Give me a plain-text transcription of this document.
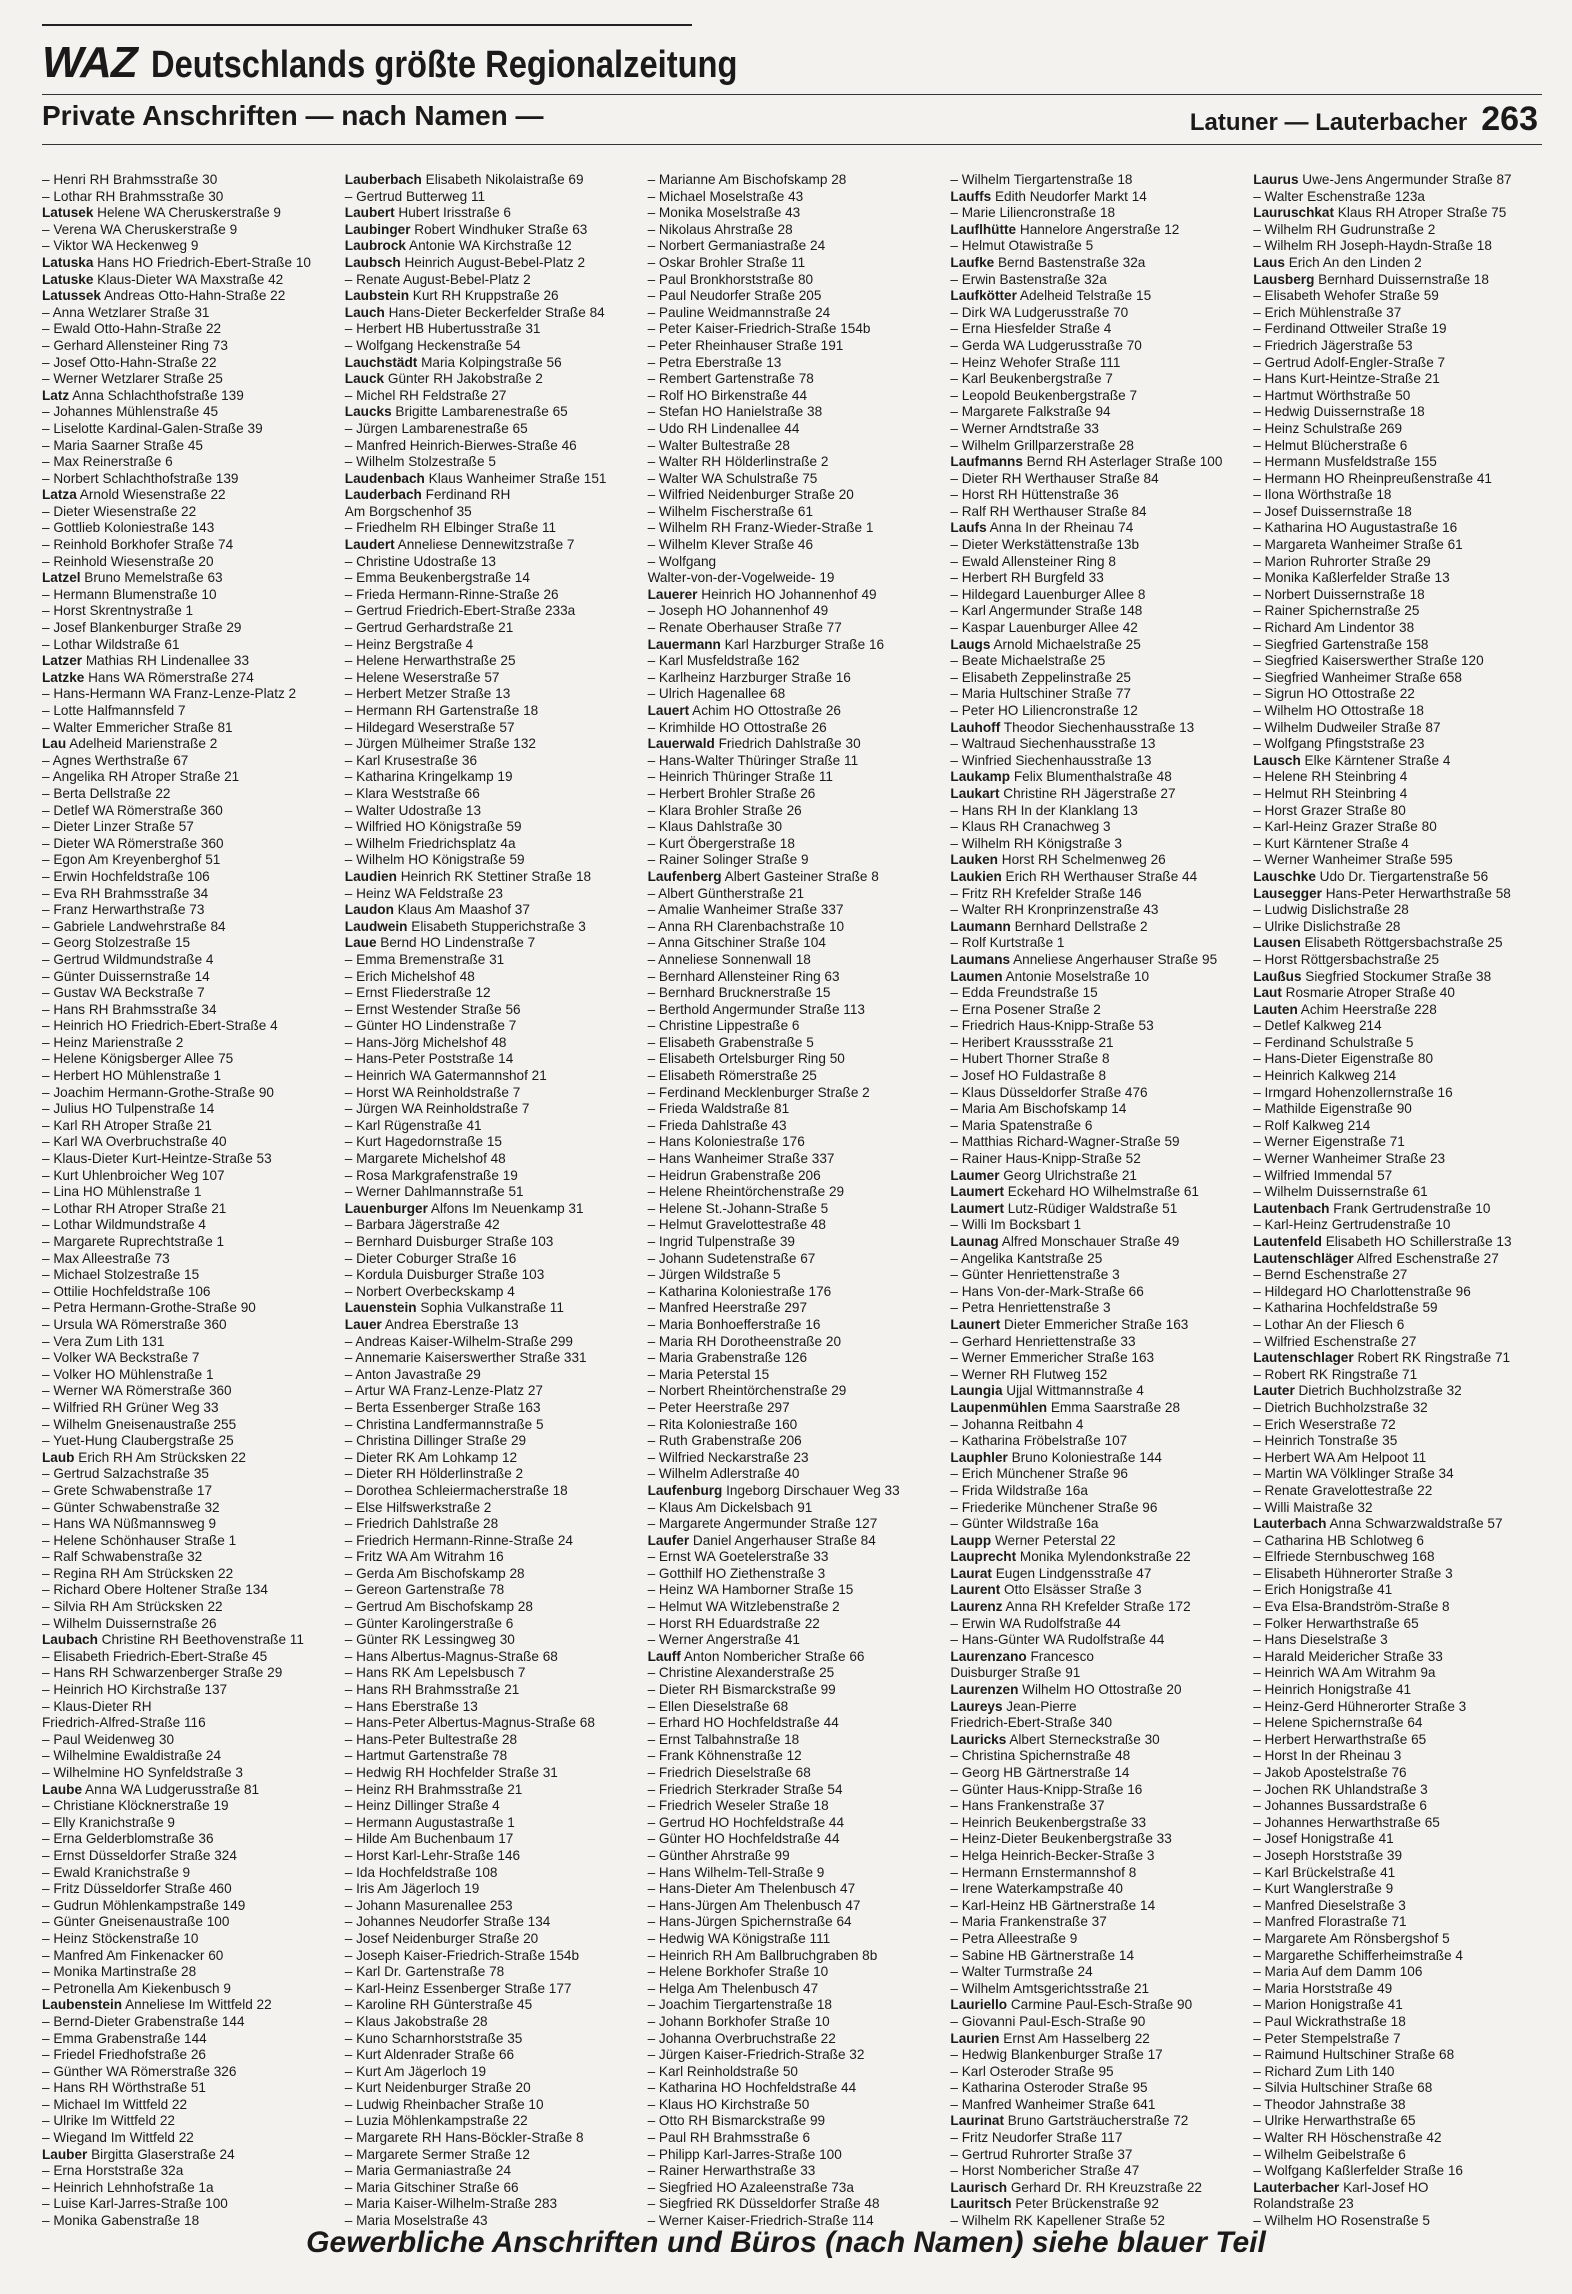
WAZ Deutschlands größte Regionalzeitung
Private Anschriften — nach Namen —	Latuner — Lauterbacher 263
– Henri RH Brahmsstraße 30
– Lothar RH Brahmsstraße 30
Latusek Helene WA Cheruskerstraße 9
– Verena WA Cheruskerstraße 9
– Viktor WA Heckenweg 9
Latuska Hans HO Friedrich-Ebert-Straße 10
Latuske Klaus-Dieter WA Maxstraße 42
Latussek Andreas Otto-Hahn-Straße 22
– Anna Wetzlarer Straße 31
– Ewald Otto-Hahn-Straße 22
– Gerhard Allensteiner Ring 73
– Josef Otto-Hahn-Straße 22
– Werner Wetzlarer Straße 25
Latz Anna Schlachthofstraße 139
– Johannes Mühlenstraße 45
– Liselotte Kardinal-Galen-Straße 39
– Maria Saarner Straße 45
– Max Reinerstraße 6
– Norbert Schlachthofstraße 139
Latza Arnold Wiesenstraße 22
– Dieter Wiesenstraße 22
– Gottlieb Koloniestraße 143
– Reinhold Borkhofer Straße 74
– Reinhold Wiesenstraße 20
Latzel Bruno Memelstraße 63
– Hermann Blumenstraße 10
– Horst Skrentnystraße 1
– Josef Blankenburger Straße 29
– Lothar Wildstraße 61
Latzer Mathias RH Lindenallee 33
Latzke Hans WA Römerstraße 274
– Hans-Hermann WA Franz-Lenze-Platz 2
– Lotte Halfmannsfeld 7
– Walter Emmericher Straße 81
Lau Adelheid Marienstraße 2
– Agnes Werthstraße 67
– Angelika RH Atroper Straße 21
– Berta Dellstraße 22
– Detlef WA Römerstraße 360
– Dieter Linzer Straße 57
– Dieter WA Römerstraße 360
– Egon Am Kreyenberghof 51
– Erwin Hochfeldstraße 106
– Eva RH Brahmsstraße 34
– Franz Herwarthstraße 73
– Gabriele Landwehrstraße 84
– Georg Stolzestraße 15
– Gertrud Wildmundstraße 4
– Günter Duissernstraße 14
– Gustav WA Beckstraße 7
– Hans RH Brahmsstraße 34
– Heinrich HO Friedrich-Ebert-Straße 4
– Heinz Marienstraße 2
– Helene Königsberger Allee 75
– Herbert HO Mühlenstraße 1
– Joachim Hermann-Grothe-Straße 90
– Julius HO Tulpenstraße 14
– Karl RH Atroper Straße 21
– Karl WA Overbruchstraße 40
– Klaus-Dieter Kurt-Heintze-Straße 53
– Kurt Uhlenbroicher Weg 107
– Lina HO Mühlenstraße 1
– Lothar RH Atroper Straße 21
– Lothar Wildmundstraße 4
– Margarete Ruprechtstraße 1
– Max Alleestraße 73
– Michael Stolzestraße 15
– Ottilie Hochfeldstraße 106
– Petra Hermann-Grothe-Straße 90
– Ursula WA Römerstraße 360
– Vera Zum Lith 131
– Volker WA Beckstraße 7
– Volker HO Mühlenstraße 1
– Werner WA Römerstraße 360
– Wilfried RH Grüner Weg 33
– Wilhelm Gneisenaustraße 255
– Yuet-Hung Claubergstraße 25
Laub Erich RH Am Strücksken 22
– Gertrud Salzachstraße 35
– Grete Schwabenstraße 17
– Günter Schwabenstraße 32
– Hans WA Nüßmannsweg 9
– Helene Schönhauser Straße 1
– Ralf Schwabenstraße 32
– Regina RH Am Strücksken 22
– Richard Obere Holtener Straße 134
– Silvia RH Am Strücksken 22
– Wilhelm Duissernstraße 26
Laubach Christine RH Beethovenstraße 11
– Elisabeth Friedrich-Ebert-Straße 45
– Hans RH Schwarzenberger Straße 29
– Heinrich HO Kirchstraße 137
– Klaus-Dieter RH
Friedrich-Alfred-Straße 116
– Paul Weidenweg 30
– Wilhelmine Ewaldistraße 24
– Wilhelmine HO Synfeldstraße 3
Laube Anna WA Ludgerusstraße 81
– Christiane Klöcknerstraße 19
– Elly Kranichstraße 9
– Erna Gelderblomstraße 36
– Ernst Düsseldorfer Straße 324
– Ewald Kranichstraße 9
– Fritz Düsseldorfer Straße 460
– Gudrun Möhlenkampstraße 149
– Günter Gneisenaustraße 100
– Heinz Stöckenstraße 10
– Manfred Am Finkenacker 60
– Monika Martinstraße 28
– Petronella Am Kiekenbusch 9
Laubenstein Anneliese Im Wittfeld 22
– Bernd-Dieter Grabenstraße 144
– Emma Grabenstraße 144
– Friedel Friedhofstraße 26
– Günther WA Römerstraße 326
– Hans RH Wörthstraße 51
– Michael Im Wittfeld 22
– Ulrike Im Wittfeld 22
– Wiegand Im Wittfeld 22
Lauber Birgitta Glaserstraße 24
– Erna Horststraße 32a
– Heinrich Lehnhofstraße 1a
– Luise Karl-Jarres-Straße 100
– Monika Gabenstraße 18
Lauberbach Elisabeth Nikolaistraße 69
– Gertrud Butterweg 11
Laubert Hubert Irisstraße 6
Laubinger Robert Windhuker Straße 63
Laubrock Antonie WA Kirchstraße 12
Laubsch Heinrich August-Bebel-Platz 2
– Renate August-Bebel-Platz 2
Laubstein Kurt RH Kruppstraße 26
Lauch Hans-Dieter Beckerfelder Straße 84
– Herbert HB Hubertusstraße 31
– Wolfgang Heckenstraße 54
Lauchstädt Maria Kolpingstraße 56
Lauck Günter RH Jakobstraße 2
– Michel RH Feldstraße 27
Laucks Brigitte Lambarenestraße 65
– Jürgen Lambarenestraße 65
– Manfred Heinrich-Bierwes-Straße 46
– Wilhelm Stolzestraße 5
Laudenbach Klaus Wanheimer Straße 151
Lauderbach Ferdinand RH
Am Borgschenhof 35
– Friedhelm RH Elbinger Straße 11
Laudert Anneliese Dennewitzstraße 7
– Christine Udostraße 13
– Emma Beukenbergstraße 14
– Frieda Hermann-Rinne-Straße 26
– Gertrud Friedrich-Ebert-Straße 233a
– Gertrud Gerhardstraße 21
– Heinz Bergstraße 4
– Helene Herwarthstraße 25
– Helene Weserstraße 57
– Herbert Metzer Straße 13
– Hermann RH Gartenstraße 18
– Hildegard Weserstraße 57
– Jürgen Mülheimer Straße 132
– Karl Krusestraße 36
– Katharina Kringelkamp 19
– Klara Weststraße 66
– Walter Udostraße 13
– Wilfried HO Königstraße 59
– Wilhelm Friedrichsplatz 4a
– Wilhelm HO Königstraße 59
Laudien Heinrich RK Stettiner Straße 18
– Heinz WA Feldstraße 23
Laudon Klaus Am Maashof 37
Laudwein Elisabeth Stupperichstraße 3
Laue Bernd HO Lindenstraße 7
– Emma Bremenstraße 31
– Erich Michelshof 48
– Ernst Fliederstraße 12
– Ernst Westender Straße 56
– Günter HO Lindenstraße 7
– Hans-Jörg Michelshof 48
– Hans-Peter Poststraße 14
– Heinrich WA Gatermannshof 21
– Horst WA Reinholdstraße 7
– Jürgen WA Reinholdstraße 7
– Karl Rügenstraße 41
– Kurt Hagedornstraße 15
– Margarete Michelshof 48
– Rosa Markgrafenstraße 19
– Werner Dahlmannstraße 51
Lauenburger Alfons Im Neuenkamp 31
– Barbara Jägerstraße 42
– Bernhard Duisburger Straße 103
– Dieter Coburger Straße 16
– Kordula Duisburger Straße 103
– Norbert Overbeckskamp 4
Lauenstein Sophia Vulkanstraße 11
Lauer Andrea Eberstraße 13
– Andreas Kaiser-Wilhelm-Straße 299
– Annemarie Kaiserswerther Straße 331
– Anton Javastraße 29
– Artur WA Franz-Lenze-Platz 27
– Berta Essenberger Straße 163
– Christina Landfermannstraße 5
– Christina Dillinger Straße 29
– Dieter RK Am Lohkamp 12
– Dieter RH Hölderlinstraße 2
– Dorothea Schleiermacherstraße 18
– Else Hilfswerkstraße 2
– Friedrich Dahlstraße 28
– Friedrich Hermann-Rinne-Straße 24
– Fritz WA Am Witrahm 16
– Gerda Am Bischofskamp 28
– Gereon Gartenstraße 78
– Gertrud Am Bischofskamp 28
– Günter Karolingerstraße 6
– Günter RK Lessingweg 30
– Hans Albertus-Magnus-Straße 68
– Hans RK Am Lepelsbusch 7
– Hans RH Brahmsstraße 21
– Hans Eberstraße 13
– Hans-Peter Albertus-Magnus-Straße 68
– Hans-Peter Bultestraße 28
– Hartmut Gartenstraße 78
– Hedwig RH Hochfelder Straße 31
– Heinz RH Brahmsstraße 21
– Heinz Dillinger Straße 4
– Hermann Augustastraße 1
– Hilde Am Buchenbaum 17
– Horst Karl-Lehr-Straße 146
– Ida Hochfeldstraße 108
– Iris Am Jägerloch 19
– Johann Masurenallee 253
– Johannes Neudorfer Straße 134
– Josef Neidenburger Straße 20
– Joseph Kaiser-Friedrich-Straße 154b
– Karl Dr. Gartenstraße 78
– Karl-Heinz Essenberger Straße 177
– Karoline RH Günterstraße 45
– Klaus Jakobstraße 28
– Kuno Scharnhorststraße 35
– Kurt Aldenrader Straße 66
– Kurt Am Jägerloch 19
– Kurt Neidenburger Straße 20
– Ludwig Rheinbacher Straße 10
– Luzia Möhlenkampstraße 22
– Margarete RH Hans-Böckler-Straße 8
– Margarete Sermer Straße 12
– Maria Germaniastraße 24
– Maria Gitschiner Straße 66
– Maria Kaiser-Wilhelm-Straße 283
– Maria Moselstraße 43
– Marianne Am Bischofskamp 28
– Michael Moselstraße 43
– Monika Moselstraße 43
– Nikolaus Ahrstraße 28
– Norbert Germaniastraße 24
– Oskar Brohler Straße 11
– Paul Bronkhorststraße 80
– Paul Neudorfer Straße 205
– Pauline Weidmannstraße 24
– Peter Kaiser-Friedrich-Straße 154b
– Peter Rheinhauser Straße 191
– Petra Eberstraße 13
– Rembert Gartenstraße 78
– Rolf HO Birkenstraße 44
– Stefan HO Hanielstraße 38
– Udo RH Lindenallee 44
– Walter Bultestraße 28
– Walter RH Hölderlinstraße 2
– Walter WA Schulstraße 75
– Wilfried Neidenburger Straße 20
– Wilhelm Fischerstraße 61
– Wilhelm RH Franz-Wieder-Straße 1
– Wilhelm Klever Straße 46
– Wolfgang
Walter-von-der-Vogelweide- 19
Lauerer Heinrich HO Johannenhof 49
– Joseph HO Johannenhof 49
– Renate Oberhauser Straße 77
Lauermann Karl Harzburger Straße 16
– Karl Musfeldstraße 162
– Karlheinz Harzburger Straße 16
– Ulrich Hagenallee 68
Lauert Achim HO Ottostraße 26
– Krimhilde HO Ottostraße 26
Lauerwald Friedrich Dahlstraße 30
– Hans-Walter Thüringer Straße 11
– Heinrich Thüringer Straße 11
– Herbert Brohler Straße 26
– Klara Brohler Straße 26
– Klaus Dahlstraße 30
– Kurt Öbergerstraße 18
– Rainer Solinger Straße 9
Laufenberg Albert Gasteiner Straße 8
– Albert Güntherstraße 21
– Amalie Wanheimer Straße 337
– Anna RH Clarenbachstraße 10
– Anna Gitschiner Straße 104
– Anneliese Sonnenwall 18
– Bernhard Allensteiner Ring 63
– Bernhard Brucknerstraße 15
– Berthold Angermunder Straße 113
– Christine Lippestraße 6
– Elisabeth Grabenstraße 5
– Elisabeth Ortelsburger Ring 50
– Elisabeth Römerstraße 25
– Ferdinand Mecklenburger Straße 2
– Frieda Waldstraße 81
– Frieda Dahlstraße 43
– Hans Koloniestraße 176
– Hans Wanheimer Straße 337
– Heidrun Grabenstraße 206
– Helene Rheintörchenstraße 29
– Helene St.-Johann-Straße 5
– Helmut Gravelottestraße 48
– Ingrid Tulpenstraße 39
– Johann Sudetenstraße 67
– Jürgen Wildstraße 5
– Katharina Koloniestraße 176
– Manfred Heerstraße 297
– Maria Bonhoefferstraße 16
– Maria RH Dorotheenstraße 20
– Maria Grabenstraße 126
– Maria Peterstal 15
– Norbert Rheintörchenstraße 29
– Peter Heerstraße 297
– Rita Koloniestraße 160
– Ruth Grabenstraße 206
– Wilfried Neckarstraße 23
– Wilhelm Adlerstraße 40
Laufenburg Ingeborg Dirschauer Weg 33
– Klaus Am Dickelsbach 91
– Margarete Angermunder Straße 127
Laufer Daniel Angerhauser Straße 84
– Ernst WA Goetelerstraße 33
– Gotthilf HO Ziethenstraße 3
– Heinz WA Hamborner Straße 15
– Helmut WA Witzlebenstraße 2
– Horst RH Eduardstraße 22
– Werner Angerstraße 41
Lauff Anton Nombericher Straße 66
– Christine Alexanderstraße 25
– Dieter RH Bismarckstraße 99
– Ellen Dieselstraße 68
– Erhard HO Hochfeldstraße 44
– Ernst Talbahnstraße 18
– Frank Köhnenstraße 12
– Friedrich Dieselstraße 68
– Friedrich Sterkrader Straße 54
– Friedrich Weseler Straße 18
– Gertrud HO Hochfeldstraße 44
– Günter HO Hochfeldstraße 44
– Günther Ahrstraße 99
– Hans Wilhelm-Tell-Straße 9
– Hans-Dieter Am Thelenbusch 47
– Hans-Jürgen Am Thelenbusch 47
– Hans-Jürgen Spichernstraße 64
– Hedwig WA Königstraße 111
– Heinrich RH Am Ballbruchgraben 8b
– Helene Borkhofer Straße 10
– Helga Am Thelenbusch 47
– Joachim Tiergartenstraße 18
– Johann Borkhofer Straße 10
– Johanna Overbruchstraße 22
– Jürgen Kaiser-Friedrich-Straße 32
– Karl Reinholdstraße 50
– Katharina HO Hochfeldstraße 44
– Klaus HO Kirchstraße 50
– Otto RH Bismarckstraße 99
– Paul RH Brahmsstraße 6
– Philipp Karl-Jarres-Straße 100
– Rainer Herwarthstraße 33
– Siegfried HO Azaleenstraße 73a
– Siegfried RK Düsseldorfer Straße 48
– Werner Kaiser-Friedrich-Straße 114
– Wilhelm Tiergartenstraße 18
Lauffs Edith Neudorfer Markt 14
– Marie Liliencronstraße 18
Lauflhütte Hannelore Angerstraße 12
– Helmut Otawistraße 5
Laufke Bernd Bastenstraße 32a
– Erwin Bastenstraße 32a
Laufkötter Adelheid Telstraße 15
– Dirk WA Ludgerusstraße 70
– Erna Hiesfelder Straße 4
– Gerda WA Ludgerusstraße 70
– Heinz Wehofer Straße 111
– Karl Beukenbergstraße 7
– Leopold Beukenbergstraße 7
– Margarete Falkstraße 94
– Werner Arndtstraße 33
– Wilhelm Grillparzerstraße 28
Laufmanns Bernd RH Asterlager Straße 100
– Dieter RH Werthauser Straße 84
– Horst RH Hüttenstraße 36
– Ralf RH Werthauser Straße 84
Laufs Anna In der Rheinau 74
– Dieter Werkstättenstraße 13b
– Ewald Allensteiner Ring 8
– Herbert RH Burgfeld 33
– Hildegard Lauenburger Allee 8
– Karl Angermunder Straße 148
– Kaspar Lauenburger Allee 42
Laugs Arnold Michaelstraße 25
– Beate Michaelstraße 25
– Elisabeth Zeppelinstraße 25
– Maria Hultschiner Straße 77
– Peter HO Liliencronstraße 12
Lauhoff Theodor Siechenhausstraße 13
– Waltraud Siechenhausstraße 13
– Winfried Siechenhausstraße 13
Laukamp Felix Blumenthalstraße 48
Laukart Christine RH Jägerstraße 27
– Hans RH In der Klanklang 13
– Klaus RH Cranachweg 3
– Wilhelm RH Königstraße 3
Lauken Horst RH Schelmenweg 26
Laukien Erich RH Werthauser Straße 44
– Fritz RH Krefelder Straße 146
– Walter RH Kronprinzenstraße 43
Laumann Bernhard Dellstraße 2
– Rolf Kurtstraße 1
Laumans Anneliese Angerhauser Straße 95
Laumen Antonie Moselstraße 10
– Edda Freundstraße 15
– Erna Posener Straße 2
– Friedrich Haus-Knipp-Straße 53
– Heribert Kraussstraße 21
– Hubert Thorner Straße 8
– Josef HO Fuldastraße 8
– Klaus Düsseldorfer Straße 476
– Maria Am Bischofskamp 14
– Maria Spatenstraße 6
– Matthias Richard-Wagner-Straße 59
– Rainer Haus-Knipp-Straße 52
Laumer Georg Ulrichstraße 21
Laumert Eckehard HO Wilhelmstraße 61
Laumert Lutz-Rüdiger Waldstraße 51
– Willi Im Bocksbart 1
Launag Alfred Monschauer Straße 49
– Angelika Kantstraße 25
– Günter Henriettenstraße 3
– Hans Von-der-Mark-Straße 66
– Petra Henriettenstraße 3
Launert Dieter Emmericher Straße 163
– Gerhard Henriettenstraße 33
– Werner Emmericher Straße 163
– Werner RH Flutweg 152
Laungia Ujjal Wittmannstraße 4
Laupenmühlen Emma Saarstraße 28
– Johanna Reitbahn 4
– Katharina Fröbelstraße 107
Lauphler Bruno Koloniestraße 144
– Erich Münchener Straße 96
– Frida Wildstraße 16a
– Friederike Münchener Straße 96
– Günter Wildstraße 16a
Laupp Werner Peterstal 22
Lauprecht Monika Mylendonkstraße 22
Laurat Eugen Lindgensstraße 47
Laurent Otto Elsässer Straße 3
Laurenz Anna RH Krefelder Straße 172
– Erwin WA Rudolfstraße 44
– Hans-Günter WA Rudolfstraße 44
Laurenzano Francesco
Duisburger Straße 91
Laurenzen Wilhelm HO Ottostraße 20
Laureys Jean-Pierre
Friedrich-Ebert-Straße 340
Lauricks Albert Sterneckstraße 30
– Christina Spichernstraße 48
– Georg HB Gärtnerstraße 14
– Günter Haus-Knipp-Straße 16
– Hans Frankenstraße 37
– Heinrich Beukenbergstraße 33
– Heinz-Dieter Beukenbergstraße 33
– Helga Heinrich-Becker-Straße 3
– Hermann Ernstermannshof 8
– Irene Waterkampstraße 40
– Karl-Heinz HB Gärtnerstraße 14
– Maria Frankenstraße 37
– Petra Alleestraße 9
– Sabine HB Gärtnerstraße 14
– Walter Turmstraße 24
– Wilhelm Amtsgerichtsstraße 21
Lauriello Carmine Paul-Esch-Straße 90
– Giovanni Paul-Esch-Straße 90
Laurien Ernst Am Hasselberg 22
– Hedwig Blankenburger Straße 17
– Karl Osteroder Straße 95
– Katharina Osteroder Straße 95
– Manfred Wanheimer Straße 641
Laurinat Bruno Gartsträucherstraße 72
– Fritz Neudorfer Straße 117
– Gertrud Ruhrorter Straße 37
– Horst Nombericher Straße 47
Laurisch Gerhard Dr. RH Kreuzstraße 22
Lauritsch Peter Brückenstraße 92
– Wilhelm RK Kapellener Straße 52
Laurus Uwe-Jens Angermunder Straße 87
– Walter Eschenstraße 123a
Lauruschkat Klaus RH Atroper Straße 75
– Wilhelm RH Gudrunstraße 2
– Wilhelm RH Joseph-Haydn-Straße 18
Laus Erich An den Linden 2
Lausberg Bernhard Duissernstraße 18
– Elisabeth Wehofer Straße 59
– Erich Mühlenstraße 37
– Ferdinand Ottweiler Straße 19
– Friedrich Jägerstraße 53
– Gertrud Adolf-Engler-Straße 7
– Hans Kurt-Heintze-Straße 21
– Hartmut Wörthstraße 50
– Hedwig Duissernstraße 18
– Heinz Schulstraße 269
– Helmut Blücherstraße 6
– Hermann Musfeldstraße 155
– Hermann HO Rheinpreußenstraße 41
– Ilona Wörthstraße 18
– Josef Duissernstraße 18
– Katharina HO Augustastraße 16
– Margareta Wanheimer Straße 61
– Marion Ruhrorter Straße 29
– Monika Kaßlerfelder Straße 13
– Norbert Duissernstraße 18
– Rainer Spichernstraße 25
– Richard Am Lindentor 38
– Siegfried Gartenstraße 158
– Siegfried Kaiserswerther Straße 120
– Siegfried Wanheimer Straße 658
– Sigrun HO Ottostraße 22
– Wilhelm HO Ottostraße 18
– Wilhelm Dudweiler Straße 87
– Wolfgang Pfingststraße 23
Lausch Elke Kärntener Straße 4
– Helene RH Steinbring 4
– Helmut RH Steinbring 4
– Horst Grazer Straße 80
– Karl-Heinz Grazer Straße 80
– Kurt Kärntener Straße 4
– Werner Wanheimer Straße 595
Lauschke Udo Dr. Tiergartenstraße 56
Lausegger Hans-Peter Herwarthstraße 58
– Ludwig Dislichstraße 28
– Ulrike Dislichstraße 28
Lausen Elisabeth Röttgersbachstraße 25
– Horst Röttgersbachstraße 25
Laußus Siegfried Stockumer Straße 38
Laut Rosmarie Atroper Straße 40
Lauten Achim Heerstraße 228
– Detlef Kalkweg 214
– Ferdinand Schulstraße 5
– Hans-Dieter Eigenstraße 80
– Heinrich Kalkweg 214
– Irmgard Hohenzollernstraße 16
– Mathilde Eigenstraße 90
– Rolf Kalkweg 214
– Werner Eigenstraße 71
– Werner Wanheimer Straße 23
– Wilfried Immendal 57
– Wilhelm Duissernstraße 61
Lautenbach Frank Gertrudenstraße 10
– Karl-Heinz Gertrudenstraße 10
Lautenfeld Elisabeth HO Schillerstraße 13
Lautenschläger Alfred Eschenstraße 27
– Bernd Eschenstraße 27
– Hildegard HO Charlottenstraße 96
– Katharina Hochfeldstraße 59
– Lothar An der Fliesch 6
– Wilfried Eschenstraße 27
Lautenschlager Robert RK Ringstraße 71
– Robert RK Ringstraße 71
Lauter Dietrich Buchholzstraße 32
– Dietrich Buchholzstraße 32
– Erich Weserstraße 72
– Heinrich Tonstraße 35
– Herbert WA Am Helpoot 11
– Martin WA Völklinger Straße 34
– Renate Gravelottestraße 22
– Willi Maistraße 32
Lauterbach Anna Schwarzwaldstraße 57
– Catharina HB Schlotweg 6
– Elfriede Sternbuschweg 168
– Elisabeth Hühnerorter Straße 3
– Erich Honigstraße 41
– Eva Elsa-Brandström-Straße 8
– Folker Herwarthstraße 65
– Hans Dieselstraße 3
– Harald Meidericher Straße 33
– Heinrich WA Am Witrahm 9a
– Heinrich Honigstraße 41
– Heinz-Gerd Hühnerorter Straße 3
– Helene Spichernstraße 64
– Herbert Herwarthstraße 65
– Horst In der Rheinau 3
– Jakob Apostelstraße 76
– Jochen RK Uhlandstraße 3
– Johannes Bussardstraße 6
– Johannes Herwarthstraße 65
– Josef Honigstraße 41
– Joseph Horststraße 39
– Karl Brückelstraße 41
– Kurt Wanglerstraße 9
– Manfred Dieselstraße 3
– Manfred Florastraße 71
– Margarete Am Rönsbergshof 5
– Margarethe Schifferheimstraße 4
– Maria Auf dem Damm 106
– Maria Horststraße 49
– Marion Honigstraße 41
– Paul Wickrathstraße 18
– Peter Stempelstraße 7
– Raimund Hultschiner Straße 68
– Richard Zum Lith 140
– Silvia Hultschiner Straße 68
– Theodor Jahnstraße 38
– Ulrike Herwarthstraße 65
– Walter RH Höschenstraße 42
– Wilhelm Geibelstraße 6
– Wolfgang Kaßlerfelder Straße 16
Lauterbacher Karl-Josef HO
Rolandstraße 23
– Wilhelm HO Rosenstraße 5
Gewerbliche Anschriften und Büros (nach Namen) siehe blauer Teil
